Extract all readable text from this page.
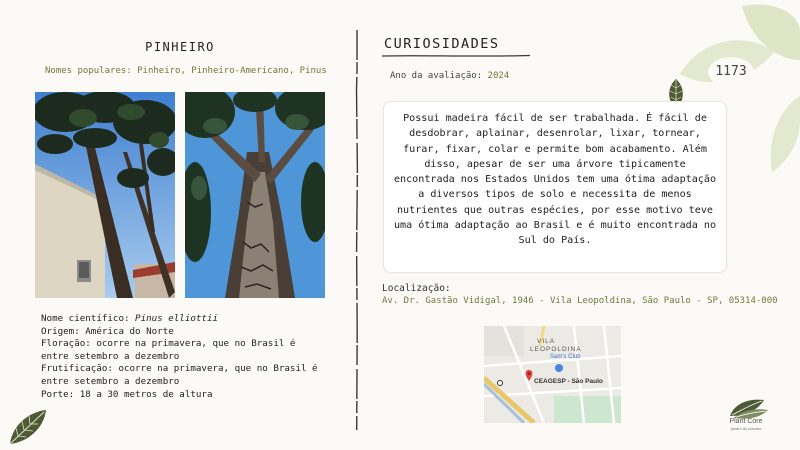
PINHEIRO
Nomes populares: Pinheiro, Pinheiro-Americano, Pinus
Nome científico: Pinus elliottii
Origem: América do Norte
Floração: ocorre na primavera, que no Brasil é
entre setembro a dezembro
Frutificação: ocorre na primavera, que no Brasil é
entre setembro a dezembro
Porte: 18 a 30 metros de altura
CURIOSIDADES
Ano da avaliação: 2024	1173

Possui madeira fácil de ser trabalhada. É fácil de desdobrar, aplainar, desenrolar, lixar, tornear, furar, fixar, colar e permite bom acabamento. Além disso, apesar de ser uma árvore tipicamente encontrada nos Estados Unidos tem uma ótima adaptação a diversos tipos de solo e necessita de menos nutrientes que outras espécies, por esse motivo teve uma ótima adaptação ao Brasil e é muito encontrada no Sul do País.

Localização:
Av. Dr. Gastão Vidigal, 1946 - Vila Leopoldina, São Paulo - SP, 05314-000
VILA
LEOPOLDINA
Sam's Club
CEAGESP - São Paulo
Plant Core
jardim de plantas
